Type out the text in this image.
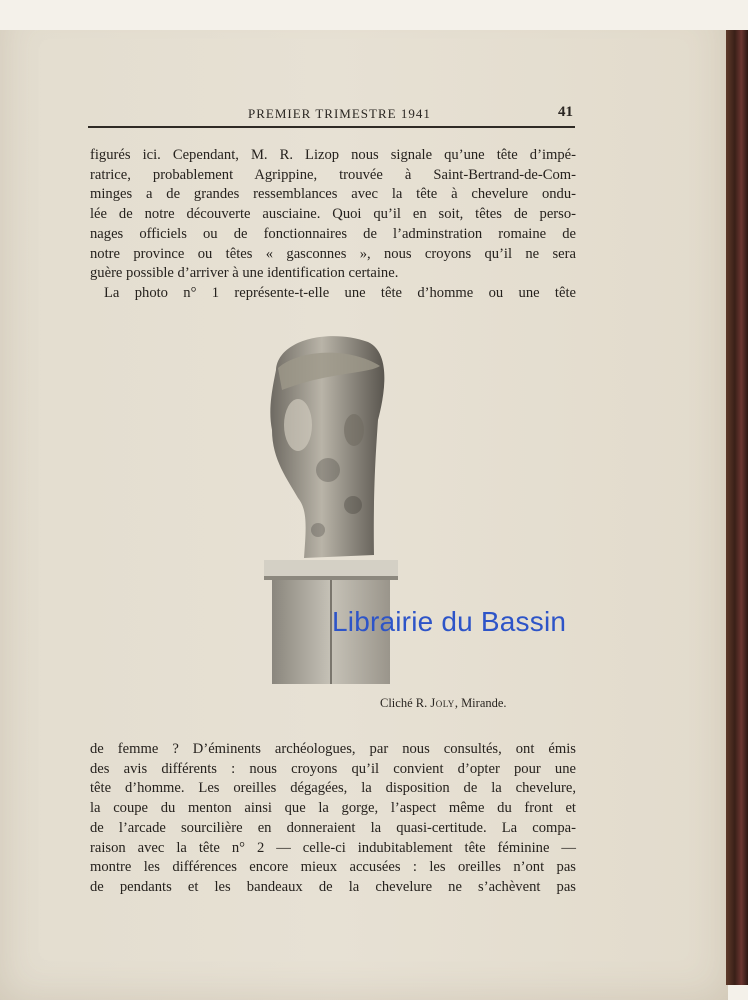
PREMIER TRIMESTRE 1941	41
figurés ici. Cependant, M. R. Lizop nous signale qu’une tête d’impé-
ratrice, probablement Agrippine, trouvée à Saint-Bertrand-de-Com-
minges a de grandes ressemblances avec la tête à chevelure ondu-
lée de notre découverte ausciaine. Quoi qu’il en soit, têtes de perso-
nages officiels ou de fonctionnaires de l’adminstration romaine de
notre province ou têtes « gasconnes », nous croyons qu’il ne sera
guère possible d’arriver à une identification certaine.
La photo n° 1 représente-t-elle une tête d’homme ou une tête
Librairie du Bassin
Cliché R. Joly, Mirande.
de femme ? D’éminents archéologues, par nous consultés, ont émis
des avis différents : nous croyons qu’il convient d’opter pour une
tête d’homme. Les oreilles dégagées, la disposition de la chevelure,
la coupe du menton ainsi que la gorge, l’aspect même du front et
de l’arcade sourcilière en donneraient la quasi-certitude. La compa-
raison avec la tête n° 2 — celle-ci indubitablement tête féminine —
montre les différences encore mieux accusées : les oreilles n’ont pas
de pendants et les bandeaux de la chevelure ne s’achèvent pas
